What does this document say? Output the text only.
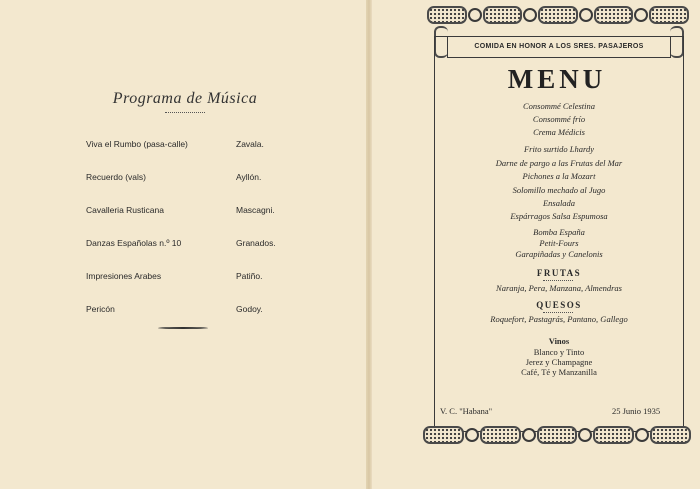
Programa de Música
Viva el Rumbo (pasa-calle)	Zavala.
Recuerdo (vals)	Ayllón.
Cavalleria Rusticana	Mascagni.
Danzas Españolas n.º 10	Granados.
Impresiones Arabes	Patiño.
Pericón	Godoy.
COMIDA EN HONOR A LOS SRES. PASAJEROS
MENU
Consommé Celestina
Consommé frío
Crema Médicis
Frito surtido Lhardy
Darne de pargo a las Frutas del Mar
Pichones a la Mozart
Solomillo mechado al Jugo
Ensalada
Espárragos Salsa Espumosa
Bomba España
Petit-Fours
Garapiñadas y Canelonis
FRUTAS
Naranja, Pera, Manzana, Almendras
QUESOS
Roquefort, Pastagrás, Pantano, Gallego
Vinos
Blanco y Tinto
Jerez y Champagne
Café, Té y Manzanilla
V. C. "Habana"	25 Junio 1935
